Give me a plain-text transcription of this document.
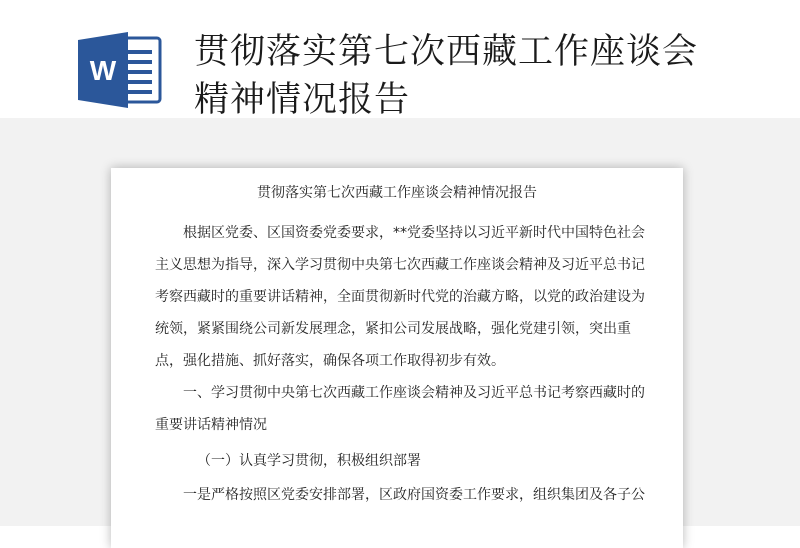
W 贯彻落实第七次西藏工作座谈会
精神情况报告
贯彻落实第七次西藏工作座谈会精神情况报告
根据区党委、区国资委党委要求，**党委坚持以习近平新时代中国特色社会
主义思想为指导，深入学习贯彻中央第七次西藏工作座谈会精神及习近平总书记
考察西藏时的重要讲话精神，全面贯彻新时代党的治藏方略，以党的政治建设为
统领，紧紧围绕公司新发展理念，紧扣公司发展战略，强化党建引领，突出重
点，强化措施、抓好落实，确保各项工作取得初步有效。
一、学习贯彻中央第七次西藏工作座谈会精神及习近平总书记考察西藏时的
重要讲话精神情况
（一）认真学习贯彻，积极组织部署
一是严格按照区党委安排部署，区政府国资委工作要求，组织集团及各子公
